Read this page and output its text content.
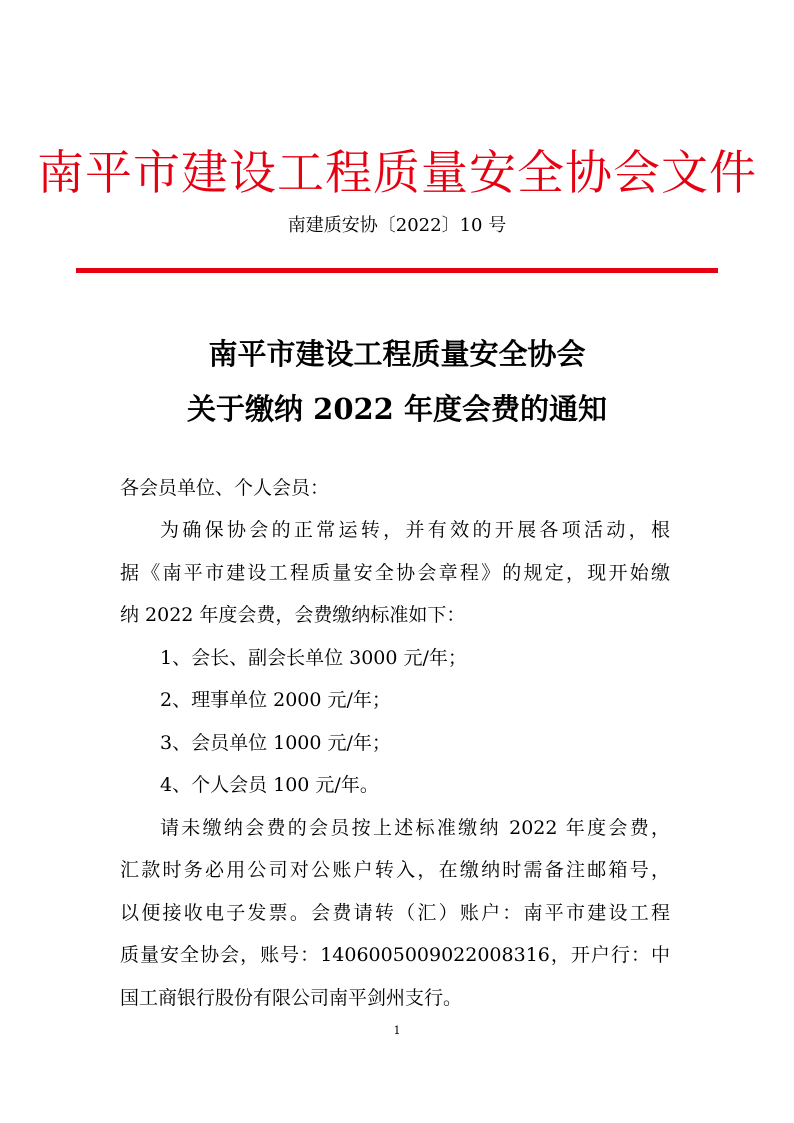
南平市建设工程质量安全协会文件
南建质安协〔2022〕10 号
南平市建设工程质量安全协会
关于缴纳 2022 年度会费的通知
各会员单位、个人会员：
为确保协会的正常运转，并有效的开展各项活动，根
据《南平市建设工程质量安全协会章程》的规定，现开始缴
纳 2022 年度会费，会费缴纳标准如下：
1、会长、副会长单位 3000 元/年；
2、理事单位 2000 元/年；
3、会员单位 1000 元/年；
4、个人会员 100 元/年。
请未缴纳会费的会员按上述标准缴纳 2022 年度会费，
汇款时务必用公司对公账户转入，在缴纳时需备注邮箱号，
以便接收电子发票。会费请转（汇）账户：南平市建设工程
质量安全协会，账号：1406005009022008316，开户行：中
国工商银行股份有限公司南平剑州支行。
1
